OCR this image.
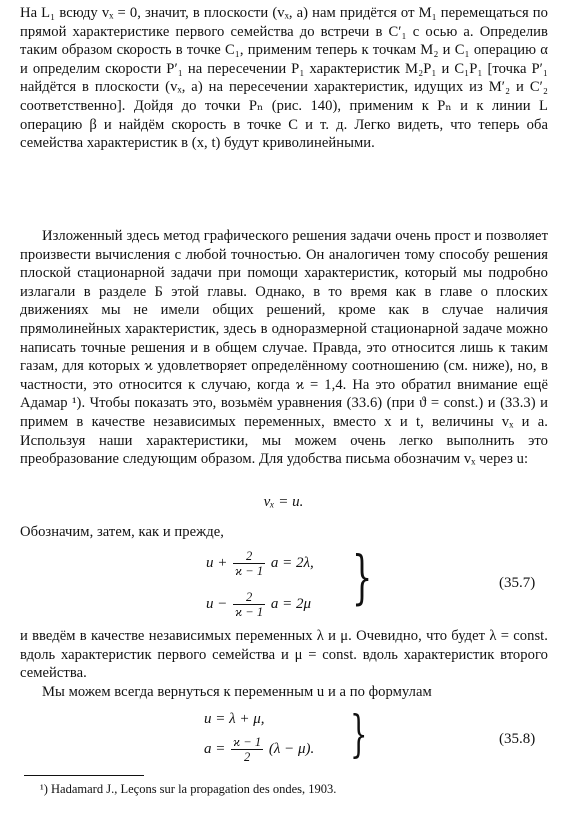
На L₁ всюду vₓ = 0, значит, в плоскости (vₓ, a) нам придётся от M₁ перемещаться по прямой характеристике первого семейства до встречи в C′₁ с осью a. Определив таким образом скорость в точке C₁, применим теперь к точкам M₂ и C₁ операцию α и определим скорости P′₁ на пересечении P₁ характеристик M₂P₁ и C₁P₁ [точка P′₁ найдётся в плоскости (vₓ, a) на пересечении характеристик, идущих из M′₂ и C′₂ соответственно]. Дойдя до точки Pₙ (рис. 140), применим к Pₙ и к линии L операцию β и найдём скорость в точке C и т. д. Легко видеть, что теперь оба семейства характеристик в (x, t) будут криволинейными.

Изложенный здесь метод графического решения задачи очень прост и позволяет произвести вычисления с любой точностью. Он аналогичен тому способу решения плоской стационарной задачи при помощи характеристик, который мы подробно излагали в разделе Б этой главы. Однако, в то время как в главе о плоских движениях мы не имели общих решений, кроме как в случае наличия прямолинейных характеристик, здесь в одноразмерной стационарной задаче можно написать точные решения и в общем случае. Правда, это относится лишь к таким газам, для которых ϰ удовлетворяет определённому соотношению (см. ниже), но, в частности, это относится к случаю, когда ϰ = 1,4. На это обратил внимание ещё Адамар ¹). Чтобы показать это, возьмём уравнения (33.6) (при ϑ = const.) и (33.3) и примем в качестве независимых переменных, вместо x и t, величины vₓ и a. Используя наши характеристики, мы можем очень легко выполнить это преобразование следующим образом. Для удобства письма обозначим vₓ через u:

vₓ = u.

Обозначим, затем, как и прежде,

$u + \frac{2}{ϰ - 1}$ a = 2λ,
$u - \frac{2}{ϰ - 1}$ a = 2μ }	(35.7)

и введём в качестве независимых переменных λ и μ. Очевидно, что будет λ = const. вдоль характеристик первого семейства и μ = const. вдоль характеристик второго семейства.

Мы можем всегда вернуться к переменным u и a по формулам

u = λ + μ,
$a = \frac{ϰ - 1}{2} (\lambda - \mu)$. }	(35.8)
¹) Hadamard J., Leçons sur la propagation des ondes, 1903.
